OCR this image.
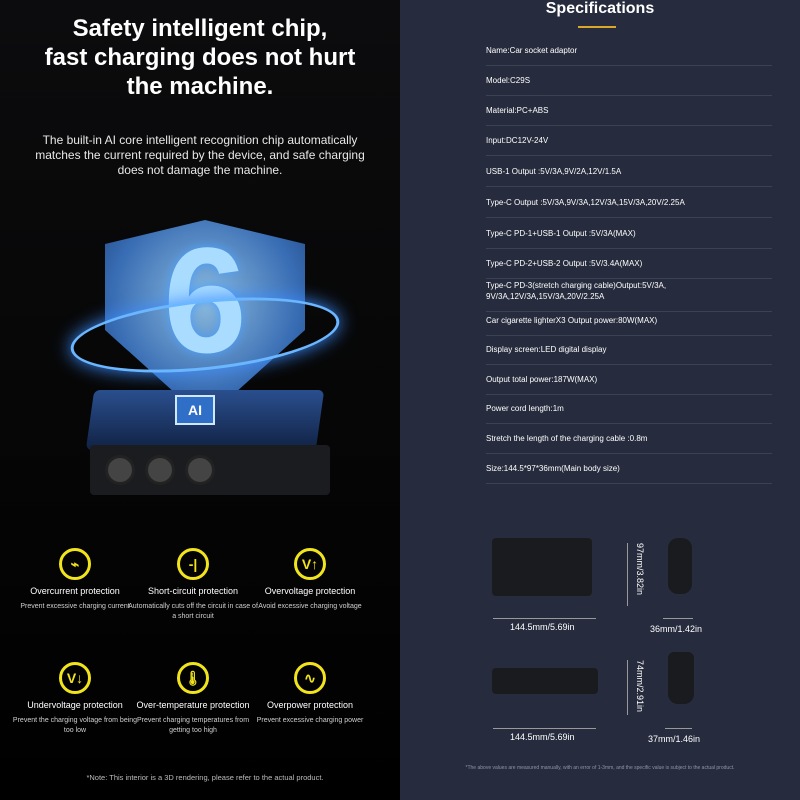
Safety intelligent chip,
fast charging does not hurt
the machine.
The built-in AI core intelligent recognition chip automatically matches the current required by the device, and safe charging does not damage the machine.
6
AI
⌁
Overcurrent protection
Prevent excessive charging current
-|
Short-circuit protection
Automatically cuts off the circuit in case of a short circuit
V↑
Overvoltage protection
Avoid excessive charging voltage
V↓
Undervoltage protection
Prevent the charging voltage from being too low
🌡
Over-temperature protection
Prevent charging temperatures from getting too high
∿
Overpower protection
Prevent excessive charging power
*Note: This interior is a 3D rendering, please refer to the actual product.
Specifications
Name:Car socket adaptor
Model:C29S
Material:PC+ABS
Input:DC12V-24V
USB-1 Output :5V/3A,9V/2A,12V/1.5A
Type-C Output :5V/3A,9V/3A,12V/3A,15V/3A,20V/2.25A
Type-C PD-1+USB-1 Output :5V/3A(MAX)
Type-C PD-2+USB-2 Output :5V/3.4A(MAX)
Type-C PD-3(stretch charging cable)Output:5V/3A, 9V/3A,12V/3A,15V/3A,20V/2.25A
Car cigarette lighterX3 Output power:80W(MAX)
Display screen:LED digital display
Output total power:187W(MAX)
Power cord length:1m
Stretch the length of the charging cable :0.8m
Size:144.5*97*36mm(Main body size)
144.5mm/5.69in
97mm/3.82in
36mm/1.42in
144.5mm/5.69in
74mm/2.91in
37mm/1.46in
*The above values are measured manually, with an error of 1-3mm, and the specific value is subject to the actual product.
